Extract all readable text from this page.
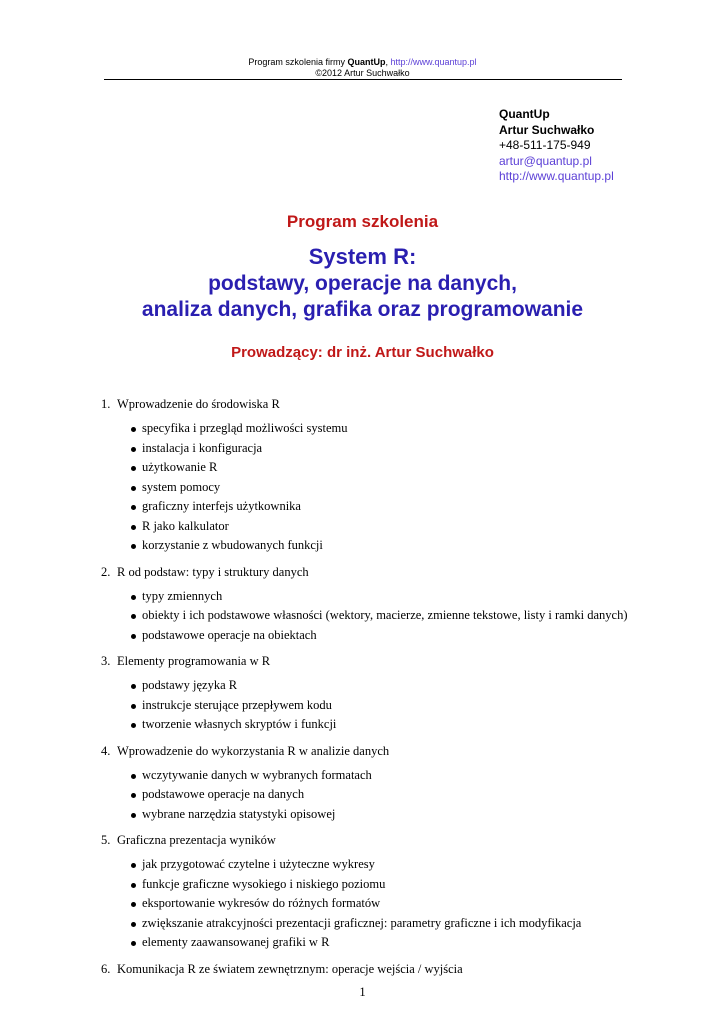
Program szkolenia firmy QuantUp, http://www.quantup.pl
©2012 Artur Suchwałko
QuantUp
Artur Suchwałko
+48-511-175-949
artur@quantup.pl
http://www.quantup.pl
Program szkolenia
System R:
podstawy, operacje na danych,
analiza danych, grafika oraz programowanie
Prowadzący: dr inż. Artur Suchwałko
1. Wprowadzenie do środowiska R
specyfika i przegląd możliwości systemu
instalacja i konfiguracja
użytkowanie R
system pomocy
graficzny interfejs użytkownika
R jako kalkulator
korzystanie z wbudowanych funkcji
2. R od podstaw: typy i struktury danych
typy zmiennych
obiekty i ich podstawowe własności (wektory, macierze, zmienne tekstowe, listy i ramki danych)
podstawowe operacje na obiektach
3. Elementy programowania w R
podstawy języka R
instrukcje sterujące przepływem kodu
tworzenie własnych skryptów i funkcji
4. Wprowadzenie do wykorzystania R w analizie danych
wczytywanie danych w wybranych formatach
podstawowe operacje na danych
wybrane narzędzia statystyki opisowej
5. Graficzna prezentacja wyników
jak przygotować czytelne i użyteczne wykresy
funkcje graficzne wysokiego i niskiego poziomu
eksportowanie wykresów do różnych formatów
zwiększanie atrakcyjności prezentacji graficznej: parametry graficzne i ich modyfikacja
elementy zaawansowanej grafiki w R
6. Komunikacja R ze światem zewnętrznym: operacje wejścia / wyjścia
1
